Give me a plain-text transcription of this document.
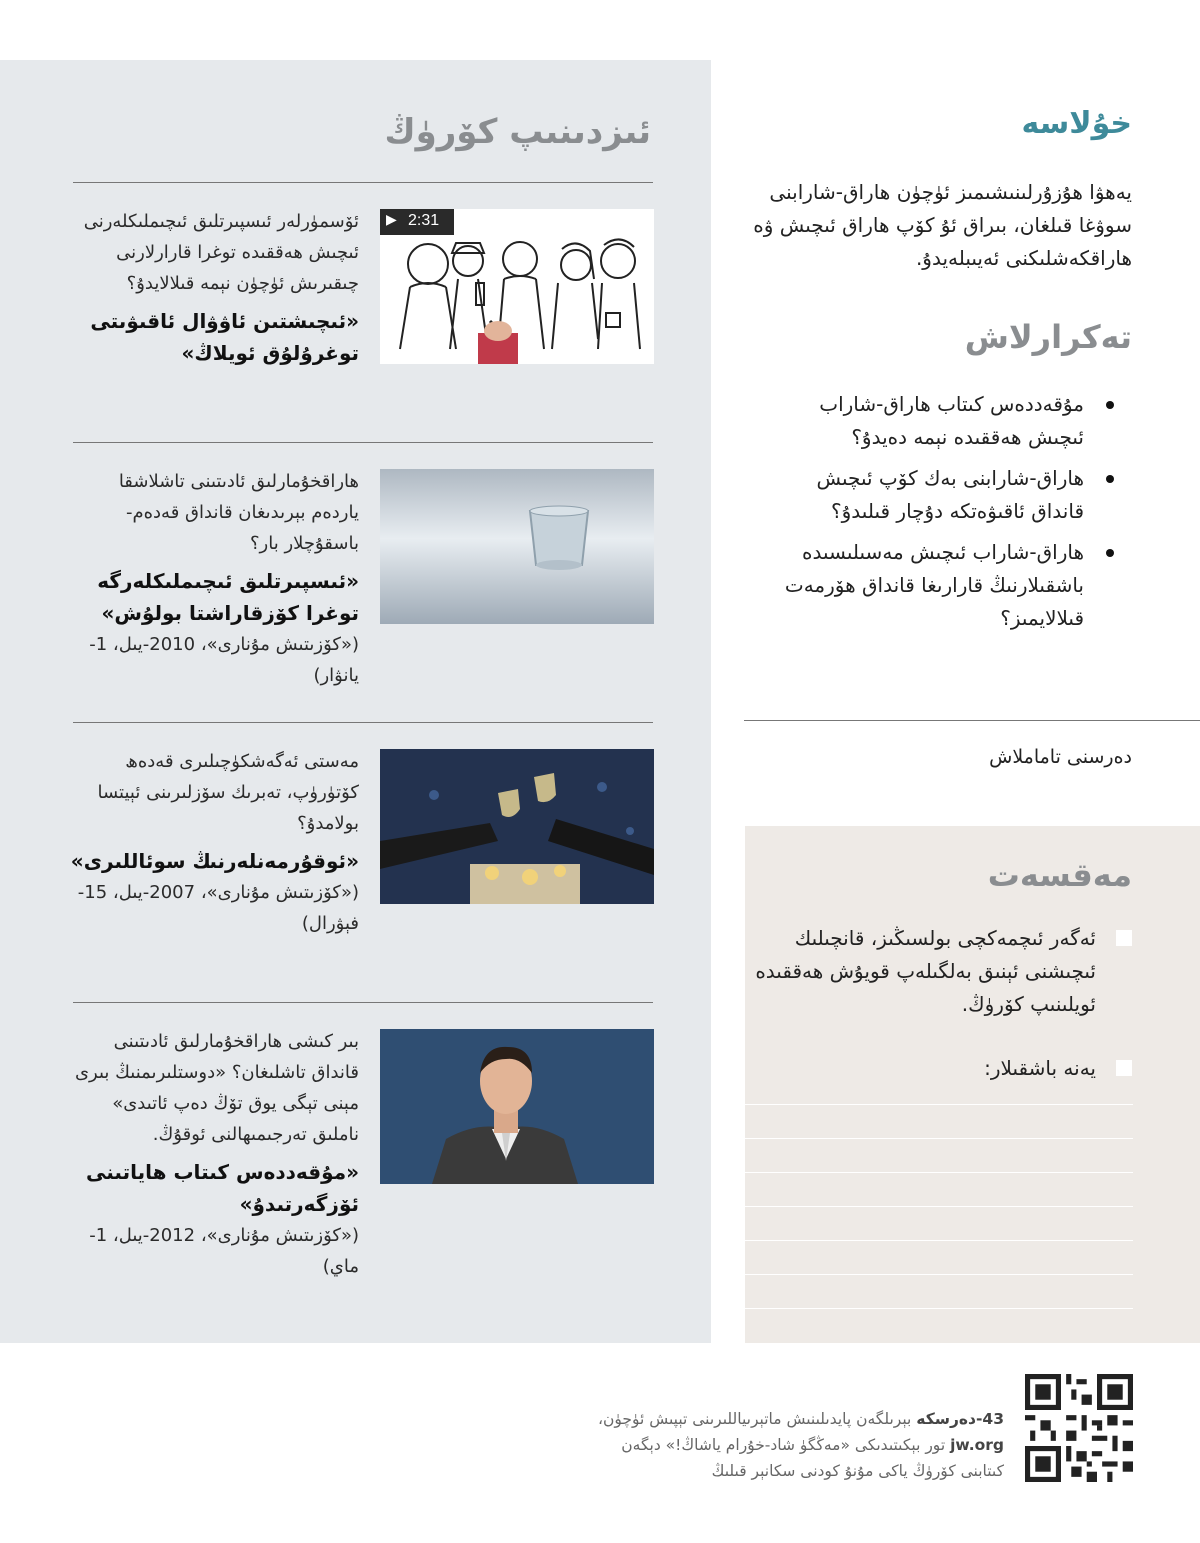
ئىزدىنىپ كۆرۈڭ
▶ 2:31
ئۆسمۈرلەر ئىسپىرتلىق ئىچىملىكلەرنى ئىچىش ھەققىدە توغرا قارارلارنى چىقىرىش ئۈچۈن نېمە قىلالايدۇ؟
«ئىچىشتىن ئاۋۋال ئاقىۋىتى توغرۇلۇق ئويلاڭ»
ھاراقخۇمارلىق ئادىتىنى تاشلاشقا ياردەم بېرىدىغان قانداق قەدەم-باسقۇچلار بار؟
«ئىسپىرتلىق ئىچىملىكلەرگە توغرا كۆزقاراشتا بولۇش»
(«كۆزىتىش مۇنارى»، 2010-يىل، 1-يانۋار)
مەستى ئەگەشكۈچىلىرى قەدەھ كۆتۈرۈپ، تەبرىك سۆزلىرىنى ئېيتسا بولامدۇ؟
«ئوقۇرمەنلەرنىڭ سوئاللىرى»
(«كۆزىتىش مۇنارى»، 2007-يىل، 15-فېۋرال)
بىر كىشى ھاراقخۇمارلىق ئادىتىنى قانداق تاشلىغان؟ «دوستلىرىمنىڭ بىرى مېنى تېگى يوق تۆڭ دەپ ئاتىدى» ناملىق تەرجىمىھالنى ئوقۇڭ.
«مۇقەددەس كىتاب ھاياتىنى ئۆزگەرتىدۇ»
(«كۆزىتىش مۇنارى»، 2012-يىل، 1-ماي)
خۇلاسە
يەھۋا ھۇزۇرلىنىشىمىز ئۈچۈن ھاراق-شارابنى سوۋغا قىلغان، بىراق ئۇ كۆپ ھاراق ئىچىش ۋە ھاراقكەشلىكنى ئەيىبلەيدۇ.
تەكرارلاش
مۇقەددەس كىتاب ھاراق-شاراب ئىچىش ھەققىدە نېمە دەيدۇ؟
ھاراق-شارابنى بەك كۆپ ئىچىش قانداق ئاقىۋەتكە دۇچار قىلىدۇ؟
ھاراق-شاراب ئىچىش مەسىلىسىدە باشقىلارنىڭ قارارىغا قانداق ھۆرمەت قىلالايمىز؟
دەرسنى تاماملاش
مەقسەت
ئەگەر ئىچمەكچى بولسىڭىز، قانچىلىك ئىچىشنى ئېنىق بەلگىلەپ قويۇش ھەققىدە ئويلىنىپ كۆرۈڭ.
يەنە باشقىلار:
43-دەرسكە بېرىلگەن پايدىلىنىش ماتېرىياللىرىنى تېپىش ئۈچۈن،
jw.org تور بېكىتىدىكى «مەڭگۈ شاد-خۇرام ياشاڭ!» دېگەن
كىتابنى كۆرۈڭ ياكى مۇنۇ كودنى سكانېر قىلىڭ
